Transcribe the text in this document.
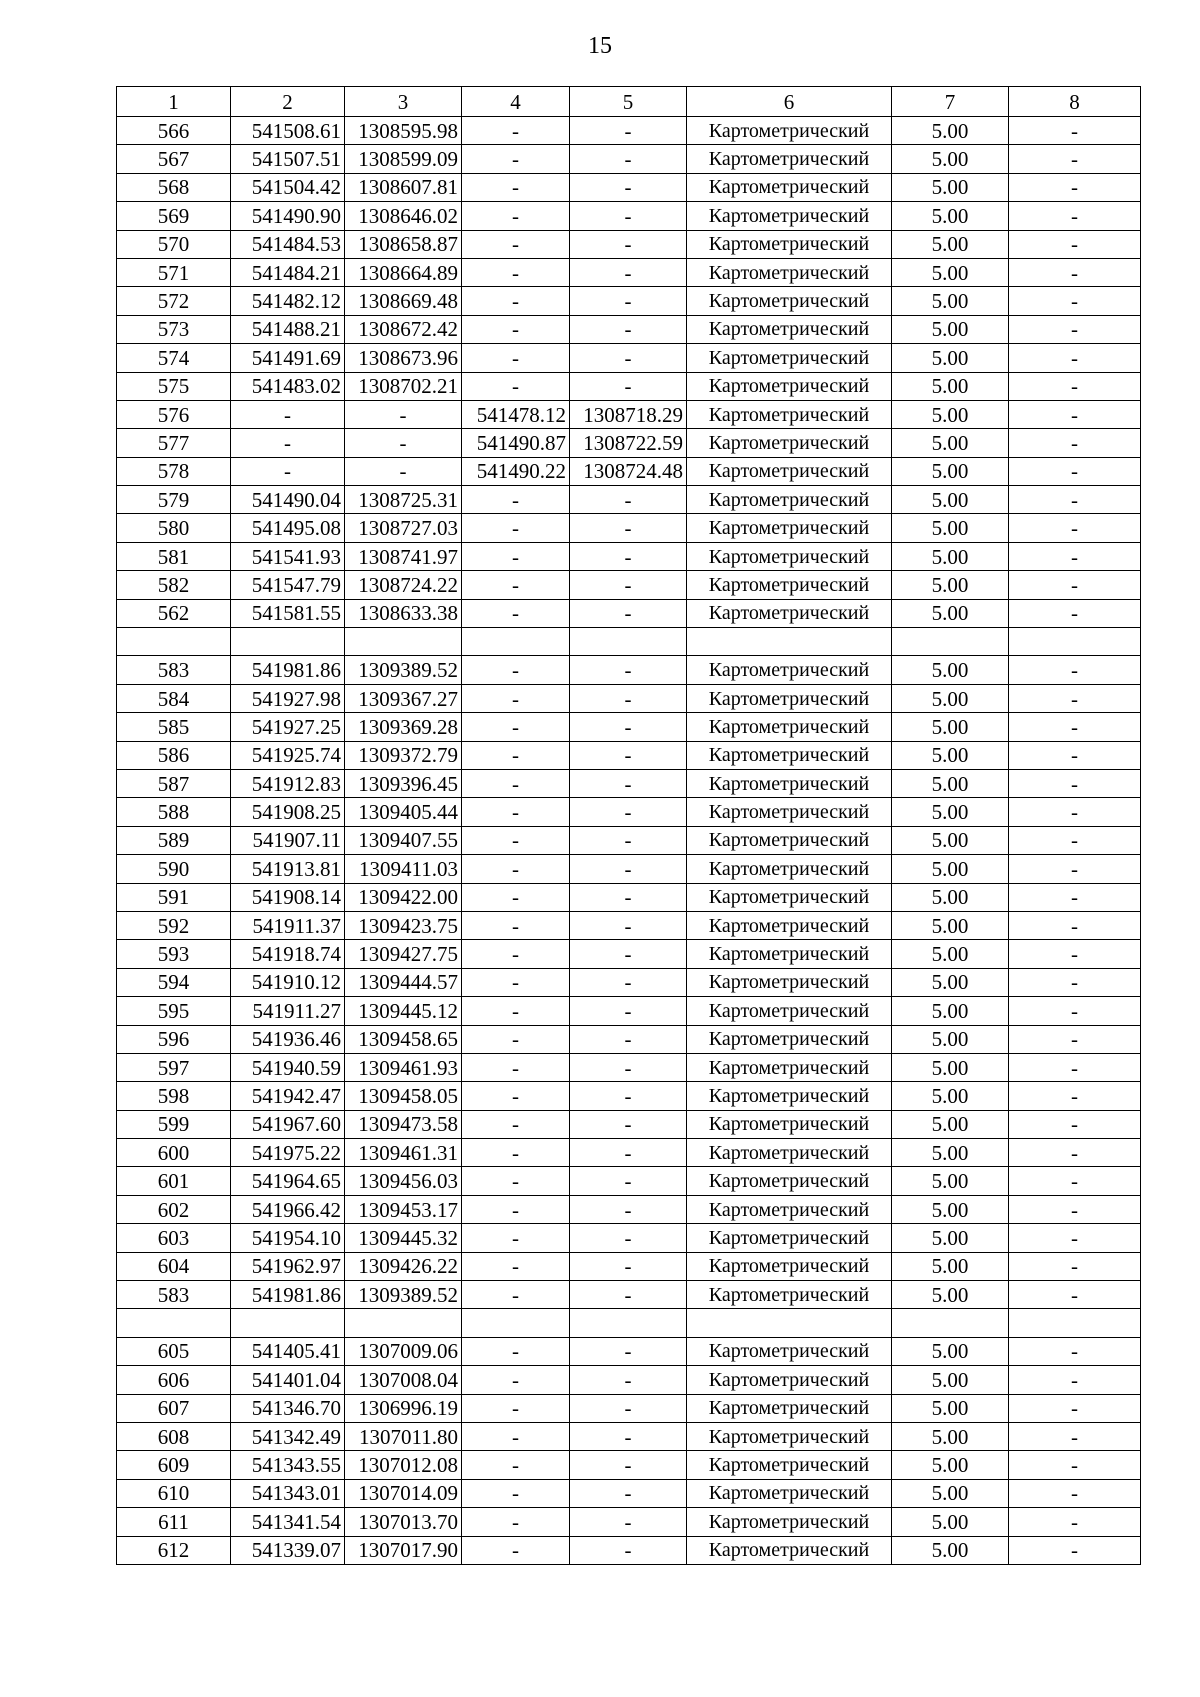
15
1	2	3	4	5	6	7	8
566	541508.61	1308595.98	-	-	Картометрический	5.00	-
567	541507.51	1308599.09	-	-	Картометрический	5.00	-
568	541504.42	1308607.81	-	-	Картометрический	5.00	-
569	541490.90	1308646.02	-	-	Картометрический	5.00	-
570	541484.53	1308658.87	-	-	Картометрический	5.00	-
571	541484.21	1308664.89	-	-	Картометрический	5.00	-
572	541482.12	1308669.48	-	-	Картометрический	5.00	-
573	541488.21	1308672.42	-	-	Картометрический	5.00	-
574	541491.69	1308673.96	-	-	Картометрический	5.00	-
575	541483.02	1308702.21	-	-	Картометрический	5.00	-
576	-	-	541478.12	1308718.29	Картометрический	5.00	-
577	-	-	541490.87	1308722.59	Картометрический	5.00	-
578	-	-	541490.22	1308724.48	Картометрический	5.00	-
579	541490.04	1308725.31	-	-	Картометрический	5.00	-
580	541495.08	1308727.03	-	-	Картометрический	5.00	-
581	541541.93	1308741.97	-	-	Картометрический	5.00	-
582	541547.79	1308724.22	-	-	Картометрический	5.00	-
562	541581.55	1308633.38	-	-	Картометрический	5.00	-

583	541981.86	1309389.52	-	-	Картометрический	5.00	-
584	541927.98	1309367.27	-	-	Картометрический	5.00	-
585	541927.25	1309369.28	-	-	Картометрический	5.00	-
586	541925.74	1309372.79	-	-	Картометрический	5.00	-
587	541912.83	1309396.45	-	-	Картометрический	5.00	-
588	541908.25	1309405.44	-	-	Картометрический	5.00	-
589	541907.11	1309407.55	-	-	Картометрический	5.00	-
590	541913.81	1309411.03	-	-	Картометрический	5.00	-
591	541908.14	1309422.00	-	-	Картометрический	5.00	-
592	541911.37	1309423.75	-	-	Картометрический	5.00	-
593	541918.74	1309427.75	-	-	Картометрический	5.00	-
594	541910.12	1309444.57	-	-	Картометрический	5.00	-
595	541911.27	1309445.12	-	-	Картометрический	5.00	-
596	541936.46	1309458.65	-	-	Картометрический	5.00	-
597	541940.59	1309461.93	-	-	Картометрический	5.00	-
598	541942.47	1309458.05	-	-	Картометрический	5.00	-
599	541967.60	1309473.58	-	-	Картометрический	5.00	-
600	541975.22	1309461.31	-	-	Картометрический	5.00	-
601	541964.65	1309456.03	-	-	Картометрический	5.00	-
602	541966.42	1309453.17	-	-	Картометрический	5.00	-
603	541954.10	1309445.32	-	-	Картометрический	5.00	-
604	541962.97	1309426.22	-	-	Картометрический	5.00	-
583	541981.86	1309389.52	-	-	Картометрический	5.00	-

605	541405.41	1307009.06	-	-	Картометрический	5.00	-
606	541401.04	1307008.04	-	-	Картометрический	5.00	-
607	541346.70	1306996.19	-	-	Картометрический	5.00	-
608	541342.49	1307011.80	-	-	Картометрический	5.00	-
609	541343.55	1307012.08	-	-	Картометрический	5.00	-
610	541343.01	1307014.09	-	-	Картометрический	5.00	-
611	541341.54	1307013.70	-	-	Картометрический	5.00	-
612	541339.07	1307017.90	-	-	Картометрический	5.00	-
